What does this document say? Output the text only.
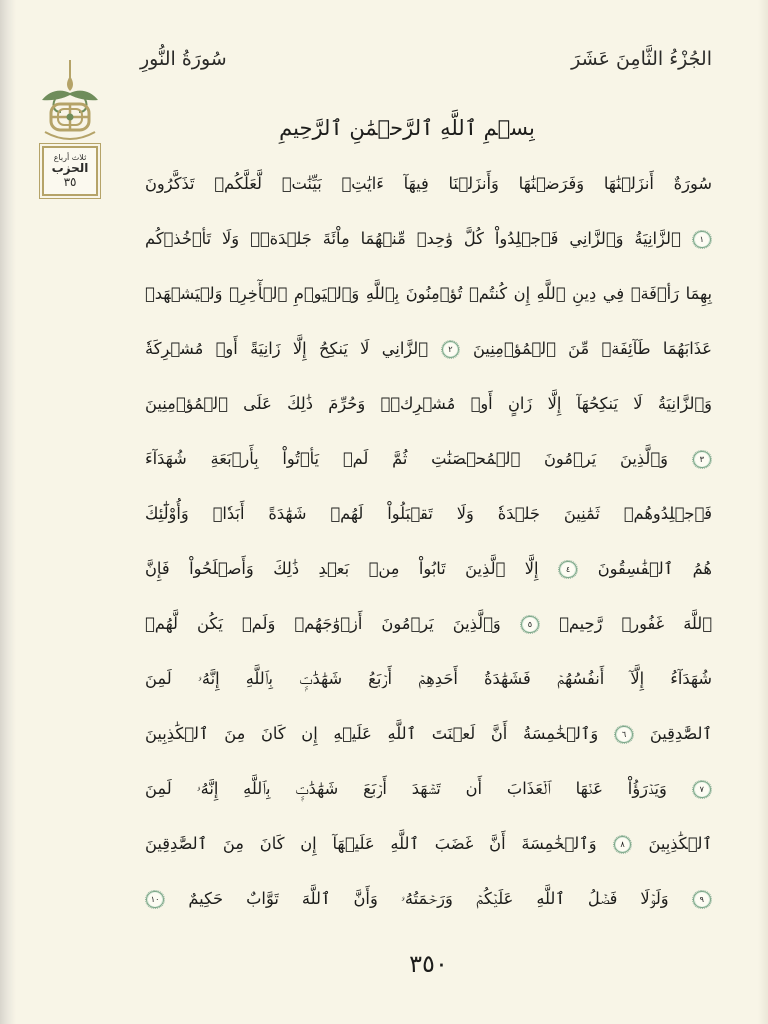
الجُزْءُ الثَّامِنَ عَشَرَ
سُورَةُ النُّورِ
ثلاث أرباع
الحزب
٣٥
بِسۡمِ ٱللَّهِ ٱلرَّحۡمَٰنِ ٱلرَّحِيمِ
سُورَةٌ أَنزَلۡنَٰهَا وَفَرَضۡنَٰهَا وَأَنزَلۡنَا فِيهَآ ءَايَٰتِۭ بَيِّنَٰتٖ لَّعَلَّكُمۡ تَذَكَّرُونَ
١
ٱلزَّانِيَةُ وَٱلزَّانِي فَٱجۡلِدُواْ كُلَّ وَٰحِدٖ مِّنۡهُمَا مِاْئَةَ جَلۡدَةٖۖ وَلَا تَأۡخُذۡكُم
بِهِمَا رَأۡفَةٞ فِي دِينِ ٱللَّهِ إِن كُنتُمۡ تُؤۡمِنُونَ بِٱللَّهِ وَٱلۡيَوۡمِ ٱلۡأٓخِرِۖ وَلۡيَشۡهَدۡ
عَذَابَهُمَا طَآئِفَةٞ مِّنَ ٱلۡمُؤۡمِنِينَ
٢
ٱلزَّانِي لَا يَنكِحُ إِلَّا زَانِيَةً أَوۡ مُشۡرِكَةٗ
وَٱلزَّانِيَةُ لَا يَنكِحُهَآ إِلَّا زَانٍ أَوۡ مُشۡرِكٞۚ وَحُرِّمَ ذَٰلِكَ عَلَى ٱلۡمُؤۡمِنِينَ
٣
وَٱلَّذِينَ يَرۡمُونَ ٱلۡمُحۡصَنَٰتِ ثُمَّ لَمۡ يَأۡتُواْ بِأَرۡبَعَةِ شُهَدَآءَ
فَٱجۡلِدُوهُمۡ ثَمَٰنِينَ جَلۡدَةٗ وَلَا تَقۡبَلُواْ لَهُمۡ شَهَٰدَةً أَبَدٗاۚ وَأُوْلَٰٓئِكَ
هُمُ ٱلۡفَٰسِقُونَ
٤
إِلَّا ٱلَّذِينَ تَابُواْ مِنۢ بَعۡدِ ذَٰلِكَ وَأَصۡلَحُواْ فَإِنَّ
ٱللَّهَ غَفُورٞ رَّحِيمٞ
٥
وَٱلَّذِينَ يَرۡمُونَ أَزۡوَٰجَهُمۡ وَلَمۡ يَكُن لَّهُمۡ
شُهَدَآءُ إِلَّآ أَنفُسُهُمۡ فَشَهَٰدَةُ أَحَدِهِمۡ أَرۡبَعُ شَهَٰدَٰتِۭ بِٱللَّهِ إِنَّهُۥ لَمِنَ
ٱلصَّٰدِقِينَ
٦
وَٱلۡخَٰمِسَةُ أَنَّ لَعۡنَتَ ٱللَّهِ عَلَيۡهِ إِن كَانَ مِنَ ٱلۡكَٰذِبِينَ
٧
وَيَدۡرَؤُاْ عَنۡهَا ٱلۡعَذَابَ أَن تَشۡهَدَ أَرۡبَعَ شَهَٰدَٰتِۭ بِٱللَّهِ إِنَّهُۥ لَمِنَ
ٱلۡكَٰذِبِينَ
٨
وَٱلۡخَٰمِسَةَ أَنَّ غَضَبَ ٱللَّهِ عَلَيۡهَآ إِن كَانَ مِنَ ٱلصَّٰدِقِينَ
٩
وَلَوۡلَا فَضۡلُ ٱللَّهِ عَلَيۡكُمۡ وَرَحۡمَتُهُۥ وَأَنَّ ٱللَّهَ تَوَّابٌ حَكِيمٌ
١٠
٣٥٠
